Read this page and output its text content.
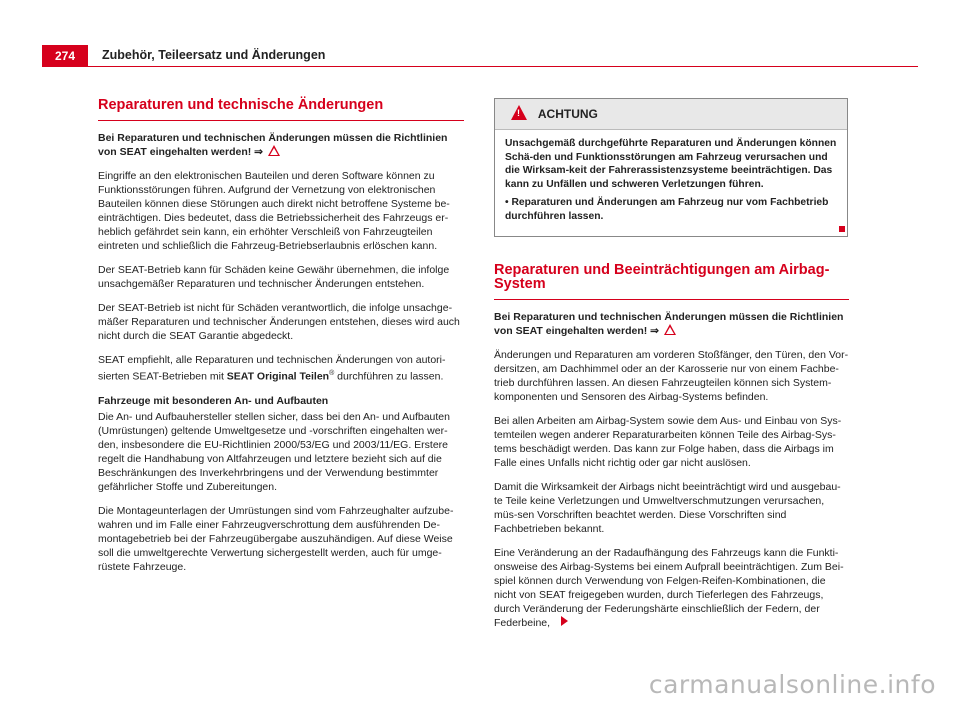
274	Zubehör, Teileersatz und Änderungen
Reparaturen und technische Änderungen

Bei Reparaturen und technischen Änderungen müssen die Richtlinien von SEAT eingehalten werden! ⇒

Eingriffe an den elektronischen Bauteilen und deren Software können zu Funktionsstörungen führen. Aufgrund der Vernetzung von elektronischen Bauteilen können diese Störungen auch direkt nicht betroffene Systeme be-einträchtigen. Dies bedeutet, dass die Betriebssicherheit des Fahrzeugs er-heblich gefährdet sein kann, ein erhöhter Verschleiß von Fahrzeugteilen eintreten und schließlich die Fahrzeug-Betriebserlaubnis erlöschen kann.

Der SEAT-Betrieb kann für Schäden keine Gewähr übernehmen, die infolge unsachgemäßer Reparaturen und technischer Änderungen entstehen.

Der SEAT-Betrieb ist nicht für Schäden verantwortlich, die infolge unsachge-mäßer Reparaturen und technischer Änderungen entstehen, dieses wird auch nicht durch die SEAT Garantie abgedeckt.

SEAT empfiehlt, alle Reparaturen und technischen Änderungen von autori-sierten SEAT-Betrieben mit SEAT Original Teilen® durchführen zu lassen.

Fahrzeuge mit besonderen An- und Aufbauten

Die An- und Aufbauhersteller stellen sicher, dass bei den An- und Aufbauten (Umrüstungen) geltende Umweltgesetze und -vorschriften eingehalten wer-den, insbesondere die EU-Richtlinien 2000/53/EG und 2003/11/EG. Erstere regelt die Handhabung von Altfahrzeugen und letztere bezieht sich auf die Beschränkungen des Inverkehrbringens und der Verwendung bestimmter gefährlicher Stoffe und Zubereitungen.

Die Montageunterlagen der Umrüstungen sind vom Fahrzeughalter aufzube-wahren und im Falle einer Fahrzeugverschrottung dem ausführenden De-montagebetrieb bei der Fahrzeugübergabe auszuhändigen. Auf diese Weise soll die umweltgerechte Verwertung sichergestellt werden, auch für umge-rüstete Fahrzeuge.

! ACHTUNG

Unsachgemäß durchgeführte Reparaturen und Änderungen können Schä-den und Funktionsstörungen am Fahrzeug verursachen und die Wirksam-keit der Fahrerassistenzsysteme beeinträchtigen. Das kann zu Unfällen und schweren Verletzungen führen.

• Reparaturen und Änderungen am Fahrzeug nur vom Fachbetrieb durchführen lassen.

Reparaturen und Beeinträchtigungen am Airbag-System

Bei Reparaturen und technischen Änderungen müssen die Richtlinien von SEAT eingehalten werden! ⇒

Änderungen und Reparaturen am vorderen Stoßfänger, den Türen, den Vor-dersitzen, am Dachhimmel oder an der Karosserie nur von einem Fachbe-trieb durchführen lassen. An diesen Fahrzeugteilen können sich System-komponenten und Sensoren des Airbag-Systems befinden.

Bei allen Arbeiten am Airbag-System sowie dem Aus- und Einbau von Sys-temteilen wegen anderer Reparaturarbeiten können Teile des Airbag-Sys-tems beschädigt werden. Das kann zur Folge haben, dass die Airbags im Falle eines Unfalls nicht richtig oder gar nicht auslösen.

Damit die Wirksamkeit der Airbags nicht beeinträchtigt wird und ausgebau-te Teile keine Verletzungen und Umweltverschmutzungen verursachen, müs-sen Vorschriften beachtet werden. Diese Vorschriften sind Fachbetrieben bekannt.

Eine Veränderung an der Radaufhängung des Fahrzeugs kann die Funkti-onsweise des Airbag-Systems bei einem Aufprall beeinträchtigen. Zum Bei-spiel können durch Verwendung von Felgen-Reifen-Kombinationen, die nicht von SEAT freigegeben wurden, durch Tieferlegen des Fahrzeugs, durch Veränderung der Federungshärte einschließlich der Federn, der Federbeine,

carmanualsonline.info
